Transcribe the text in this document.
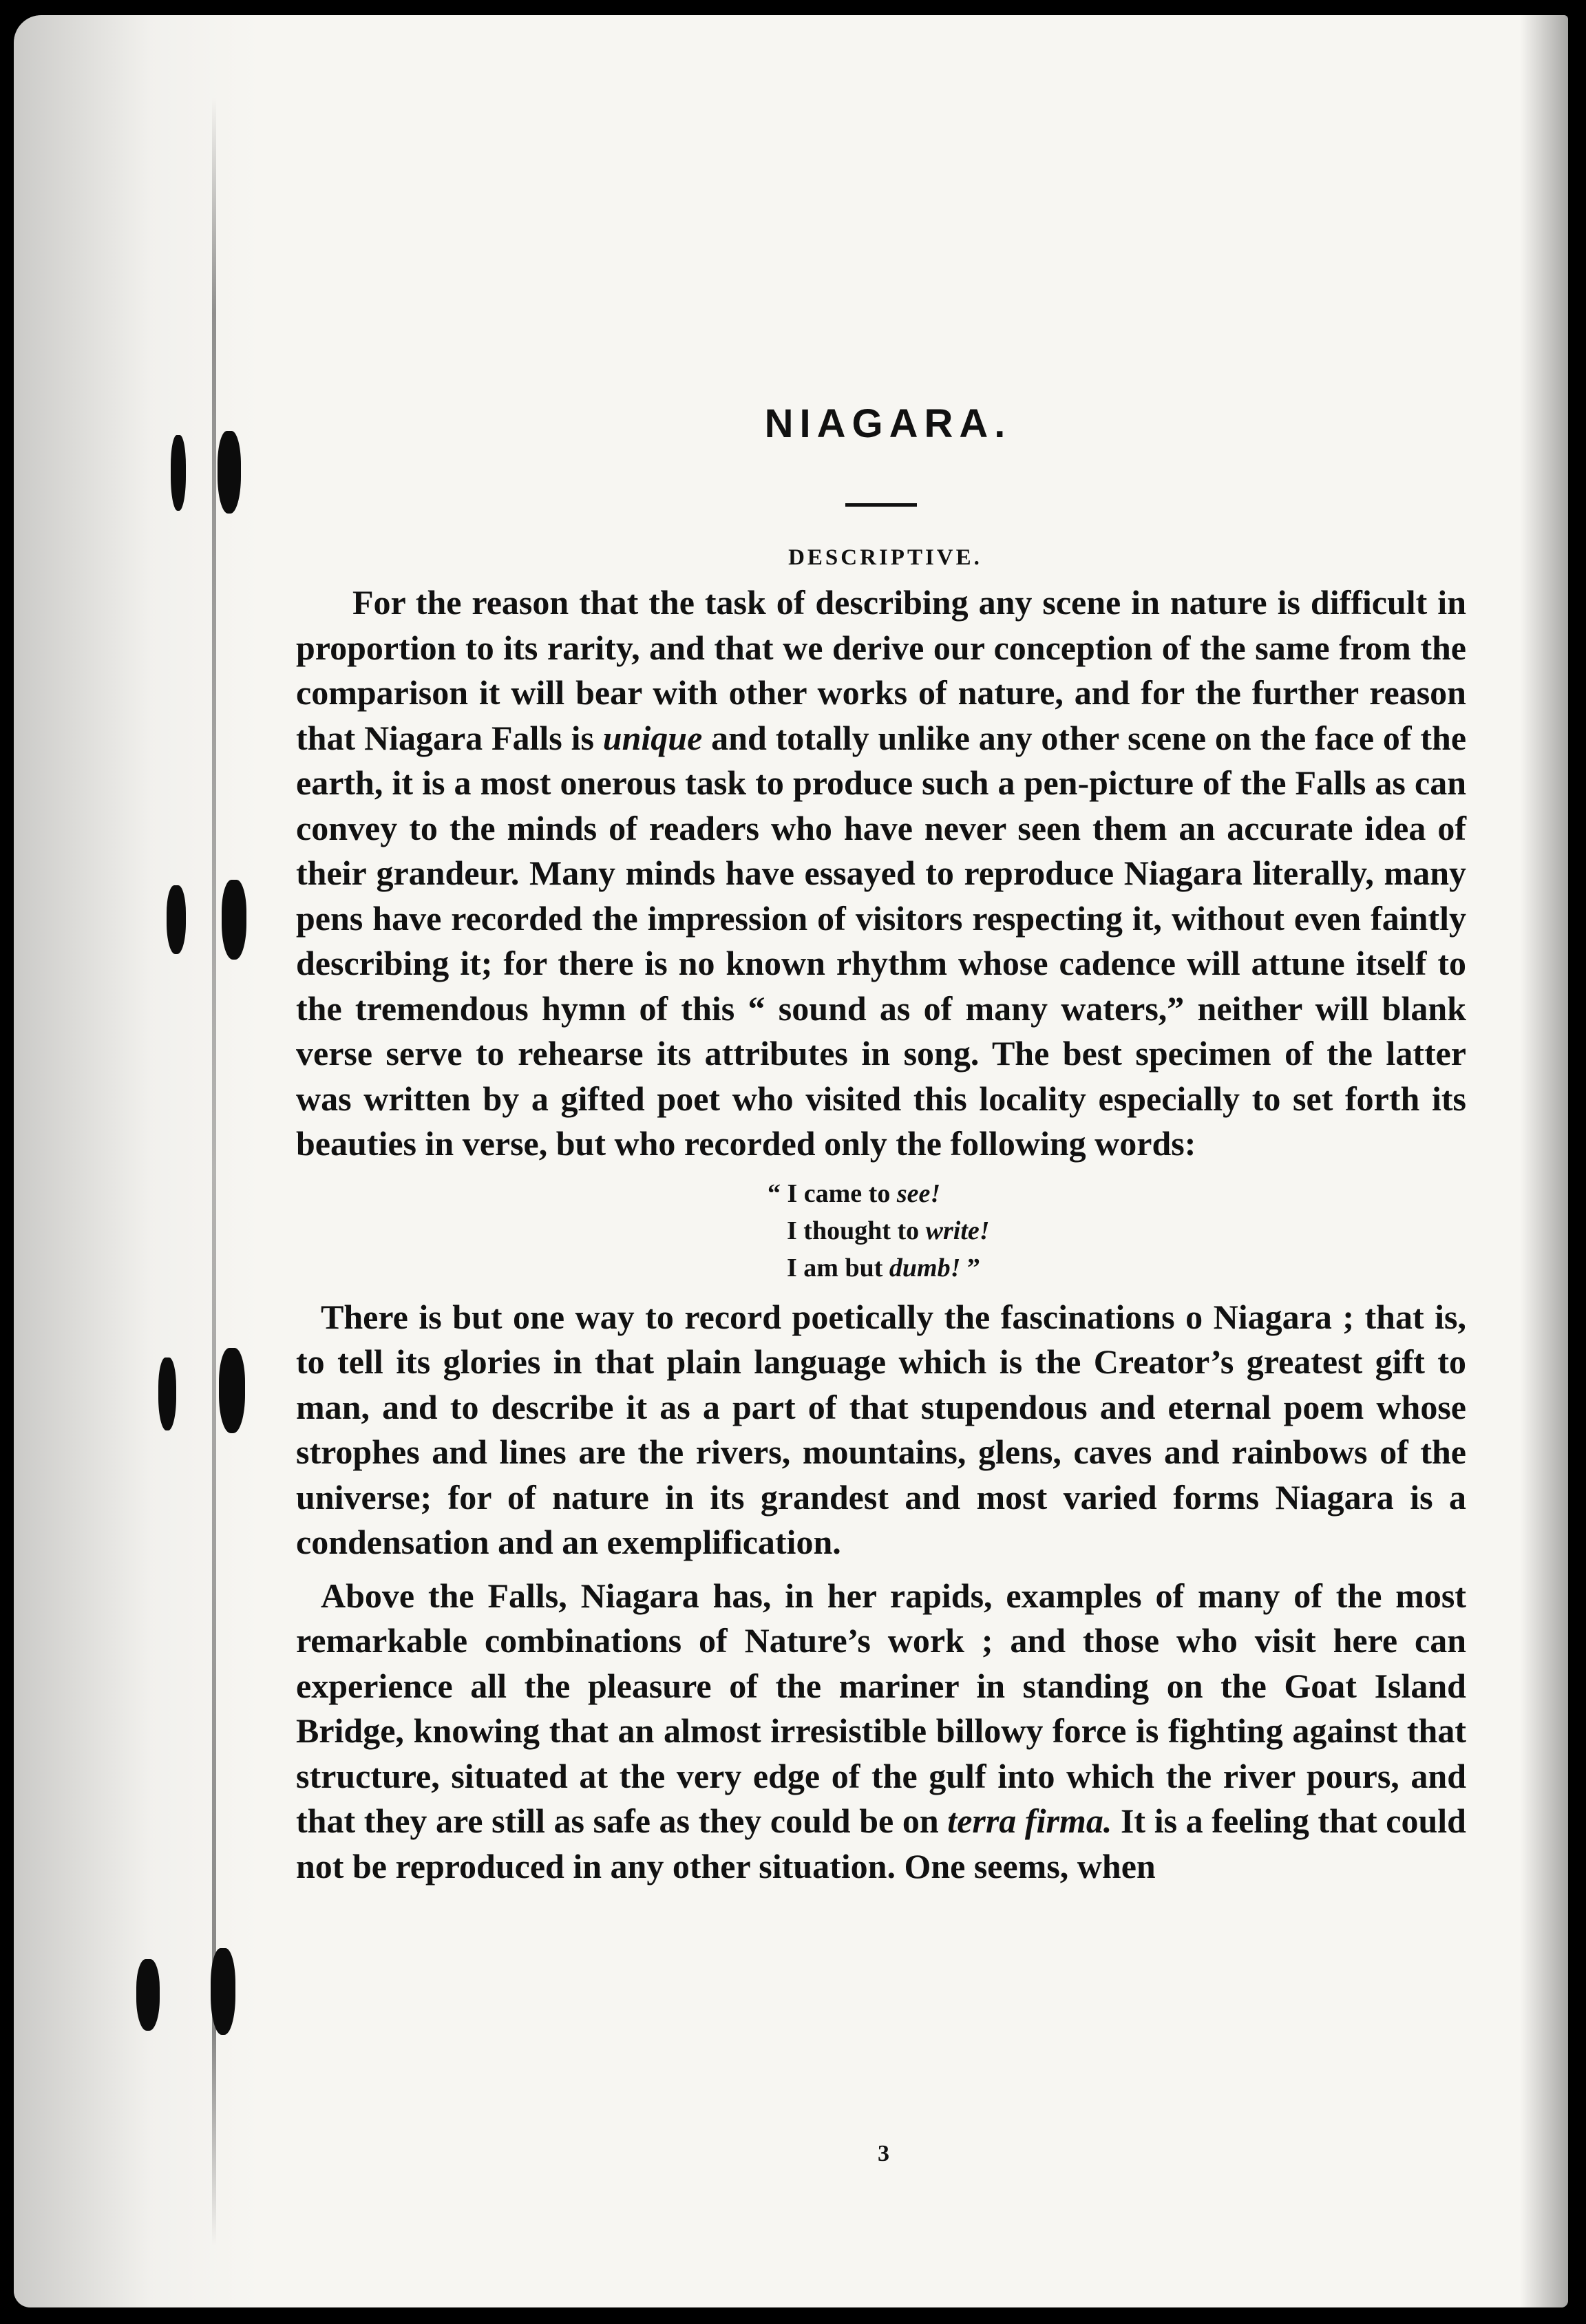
NIAGARA.
DESCRIPTIVE.

For the reason that the task of describing any scene in nature is difficult in proportion to its rarity, and that we derive our conception of the same from the comparison it will bear with other works of nature, and for the further reason that Niagara Falls is unique and totally unlike any other scene on the face of the earth, it is a most onerous task to produce such a pen-picture of the Falls as can convey to the minds of readers who have never seen them an accurate idea of their grandeur. Many minds have essayed to reproduce Niagara literally, many pens have recorded the impression of visitors respecting it, without even faintly describing it; for there is no known rhythm whose cadence will attune itself to the tremendous hymn of this “ sound as of many waters,” neither will blank verse serve to rehearse its attributes in song. The best specimen of the latter was written by a gifted poet who visited this locality especially to set forth its beauties in verse, but who recorded only the following words:

“ I came to see!
I thought to write!
I am but dumb! ”

There is but one way to record poetically the fascinations o Niagara ; that is, to tell its glories in that plain language which is the Creator’s greatest gift to man, and to describe it as a part of that stupendous and eternal poem whose strophes and lines are the rivers, mountains, glens, caves and rainbows of the universe; for of nature in its grandest and most varied forms Niagara is a condensation and an exemplification.

Above the Falls, Niagara has, in her rapids, examples of many of the most remarkable combinations of Nature’s work ; and those who visit here can experience all the pleasure of the mariner in standing on the Goat Island Bridge, knowing that an almost irresistible billowy force is fighting against that structure, situated at the very edge of the gulf into which the river pours, and that they are still as safe as they could be on terra firma. It is a feeling that could not be reproduced in any other situation. One seems, when

3
